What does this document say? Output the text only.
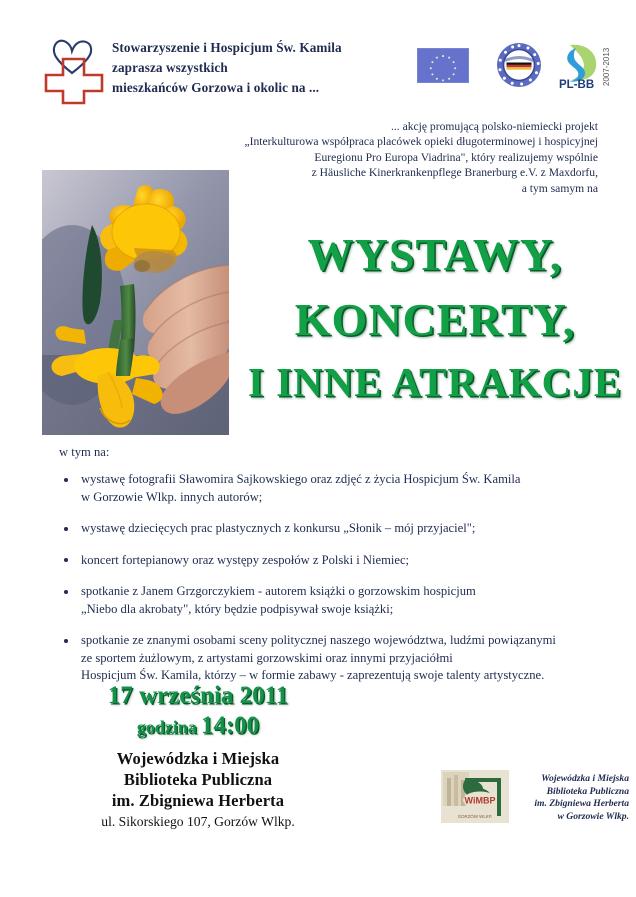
Stowarzyszenie i Hospicjum Św. Kamila
zaprasza wszystkich
mieszkańców Gorzowa i okolic na ...	PL-BB 2007-2013
... akcję promującą polsko-niemiecki projekt
„Interkulturowa współpraca placówek opieki długoterminowej i hospicyjnej
Euregionu Pro Europa Viadrina", który realizujemy wspólnie
z Häusliche Kinerkrankenpflege Branerburg e.V. z Maxdorfu,
a tym samym na
WYSTAWY,
KONCERTY,
I INNE ATRAKCJE
w tym na:
wystawę fotografii Sławomira Sajkowskiego oraz zdjęć z życia Hospicjum Św. Kamila
w Gorzowie Wlkp. innych autorów;
wystawę dziecięcych prac plastycznych z konkursu „Słonik – mój przyjaciel";
koncert fortepianowy oraz występy zespołów z Polski i Niemiec;
spotkanie z Janem Grzgorczykiem - autorem książki o gorzowskim hospicjum
„Niebo dla akrobaty", który będzie podpisywał swoje książki;
spotkanie ze znanymi osobami sceny politycznej naszego województwa, ludźmi powiązanymi
ze sportem żużlowym, z artystami gorzowskimi oraz innymi przyjaciółmi
Hospicjum Św. Kamila, którzy – w formie zabawy - zaprezentują swoje talenty artystyczne.
17 września 2011
godzina 14:00
Wojewódzka i Miejska
Biblioteka Publiczna
im. Zbigniewa Herberta
ul. Sikorskiego 107, Gorzów Wlkp.
WiMBP
GORZÓW WLKP.
Wojewódzka i Miejska
Biblioteka Publiczna
im. Zbigniewa Herberta
w Gorzowie Wlkp.
